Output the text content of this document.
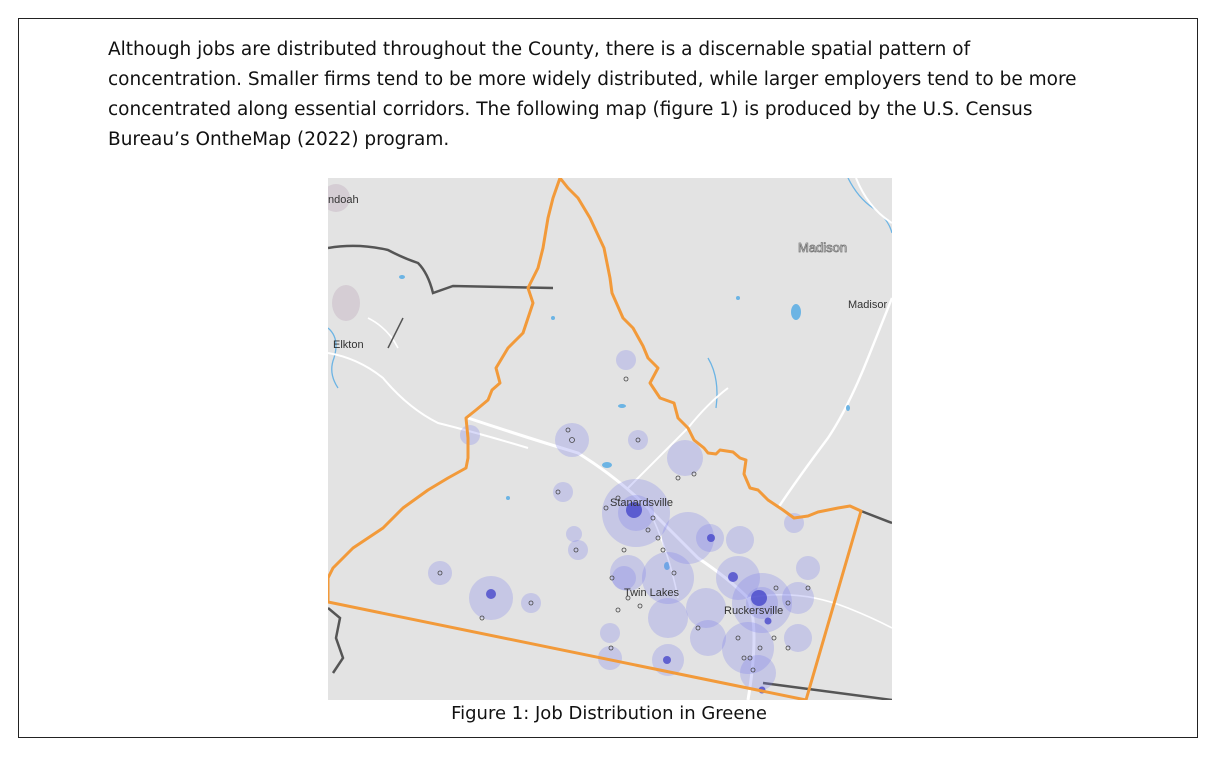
Although jobs are distributed throughout the County, there is a discernable spatial pattern of concentration. Smaller firms tend to be more widely distributed, while larger employers tend to be more concentrated along essential corridors. The following map (figure 1) is produced by the U.S. Census Bureau’s OntheMap (2022) program.

ndoah
Madison
Madisor
Elkton
Stanardsville
Twin Lakes
Ruckersville

Figure 1: Job Distribution in Greene
